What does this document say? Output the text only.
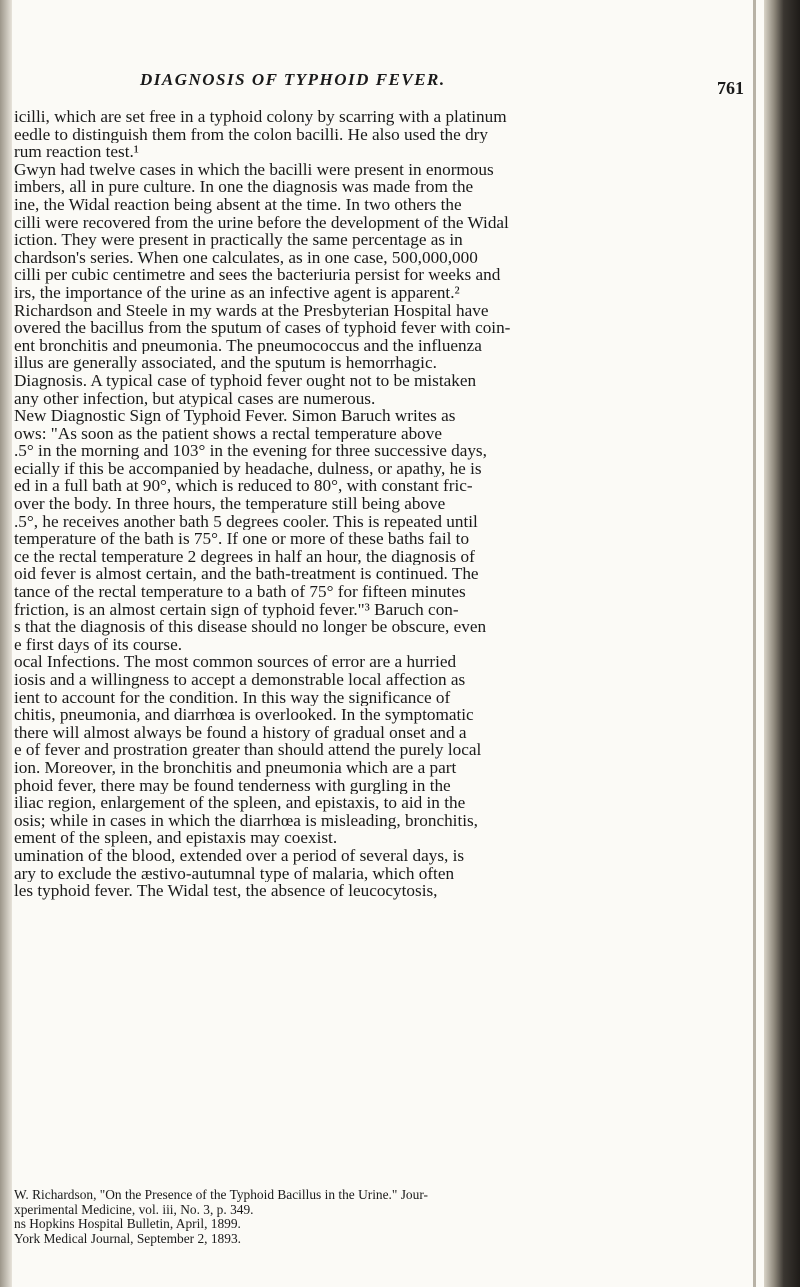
DIAGNOSIS OF TYPHOID FEVER.	761
icilli, which are set free in a typhoid colony by scarring with a platinum
eedle to distinguish them from the colon bacilli. He also used the dry
rum reaction test.¹
Gwyn had twelve cases in which the bacilli were present in enormous
imbers, all in pure culture. In one the diagnosis was made from the
ine, the Widal reaction being absent at the time. In two others the
cilli were recovered from the urine before the development of the Widal
iction. They were present in practically the same percentage as in
chardson's series. When one calculates, as in one case, 500,000,000
cilli per cubic centimetre and sees the bacteriuria persist for weeks and
irs, the importance of the urine as an infective agent is apparent.²
Richardson and Steele in my wards at the Presbyterian Hospital have
overed the bacillus from the sputum of cases of typhoid fever with coin-
ent bronchitis and pneumonia. The pneumococcus and the influenza
illus are generally associated, and the sputum is hemorrhagic.
Diagnosis. A typical case of typhoid fever ought not to be mistaken
any other infection, but atypical cases are numerous.
New Diagnostic Sign of Typhoid Fever. Simon Baruch writes as
ows: "As soon as the patient shows a rectal temperature above
.5° in the morning and 103° in the evening for three successive days,
ecially if this be accompanied by headache, dulness, or apathy, he is
ed in a full bath at 90°, which is reduced to 80°, with constant fric-
over the body. In three hours, the temperature still being above
.5°, he receives another bath 5 degrees cooler. This is repeated until
temperature of the bath is 75°. If one or more of these baths fail to
ce the rectal temperature 2 degrees in half an hour, the diagnosis of
oid fever is almost certain, and the bath-treatment is continued. The
tance of the rectal temperature to a bath of 75° for fifteen minutes
friction, is an almost certain sign of typhoid fever."³ Baruch con-
s that the diagnosis of this disease should no longer be obscure, even
e first days of its course.
ocal Infections. The most common sources of error are a hurried
iosis and a willingness to accept a demonstrable local affection as
ient to account for the condition. In this way the significance of
chitis, pneumonia, and diarrhœa is overlooked. In the symptomatic
there will almost always be found a history of gradual onset and a
e of fever and prostration greater than should attend the purely local
ion. Moreover, in the bronchitis and pneumonia which are a part
phoid fever, there may be found tenderness with gurgling in the
iliac region, enlargement of the spleen, and epistaxis, to aid in the
osis; while in cases in which the diarrhœa is misleading, bronchitis,
ement of the spleen, and epistaxis may coexist.
umination of the blood, extended over a period of several days, is
ary to exclude the æstivo-autumnal type of malaria, which often
les typhoid fever. The Widal test, the absence of leucocytosis,
W. Richardson, "On the Presence of the Typhoid Bacillus in the Urine." Jour-
xperimental Medicine, vol. iii, No. 3, p. 349.
ns Hopkins Hospital Bulletin, April, 1899.
York Medical Journal, September 2, 1893.
